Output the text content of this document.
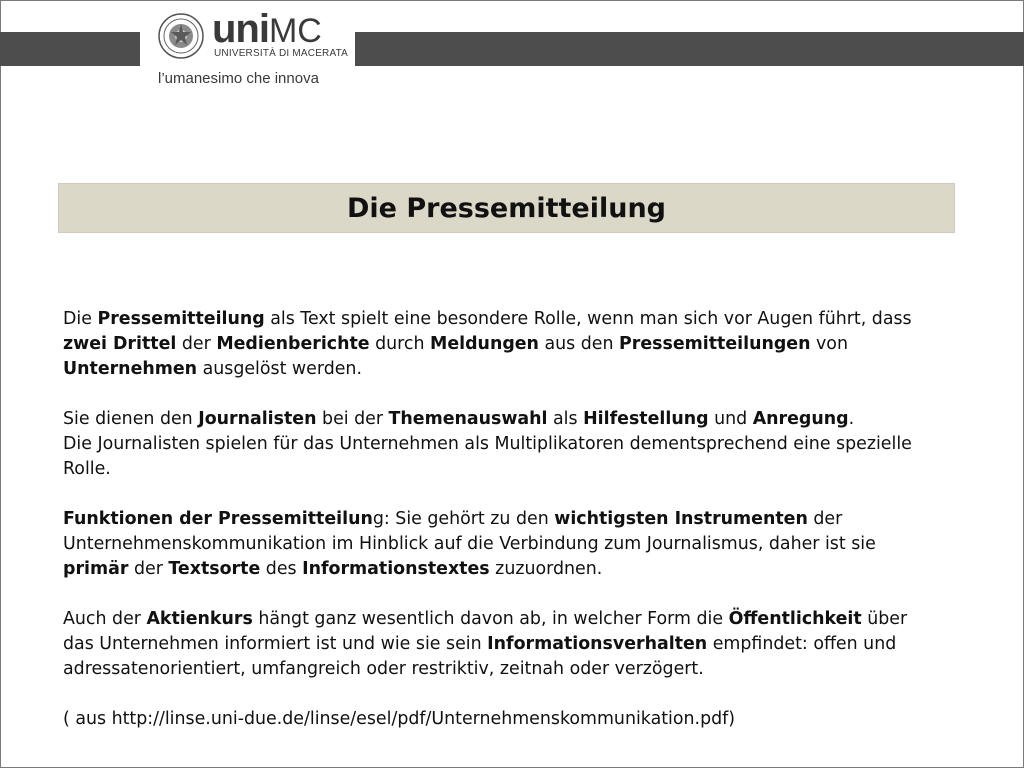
uniMC
UNIVERSITÀ DI MACERATA
l’umanesimo che innova
Die Pressemitteilung

Die Pressemitteilung als Text spielt eine besondere Rolle, wenn man sich vor Augen führt, dass zwei Drittel der Medienberichte durch Meldungen aus den Pressemitteilungen von Unternehmen ausgelöst werden.

Sie dienen den Journalisten bei der Themenauswahl als Hilfestellung und Anregung.
Die Journalisten spielen für das Unternehmen als Multiplikatoren dementsprechend eine spezielle Rolle.

Funktionen der Pressemitteilung: Sie gehört zu den wichtigsten Instrumenten der Unternehmenskommunikation im Hinblick auf die Verbindung zum Journalismus, daher ist sie primär der Textsorte des Informationstextes zuzuordnen.

Auch der Aktienkurs hängt ganz wesentlich davon ab, in welcher Form die Öffentlichkeit über das Unternehmen informiert ist und wie sie sein Informationsverhalten empfindet: offen und adressatenorientiert, umfangreich oder restriktiv, zeitnah oder verzögert.

( aus http://linse.uni-due.de/linse/esel/pdf/Unternehmenskommunikation.pdf)
